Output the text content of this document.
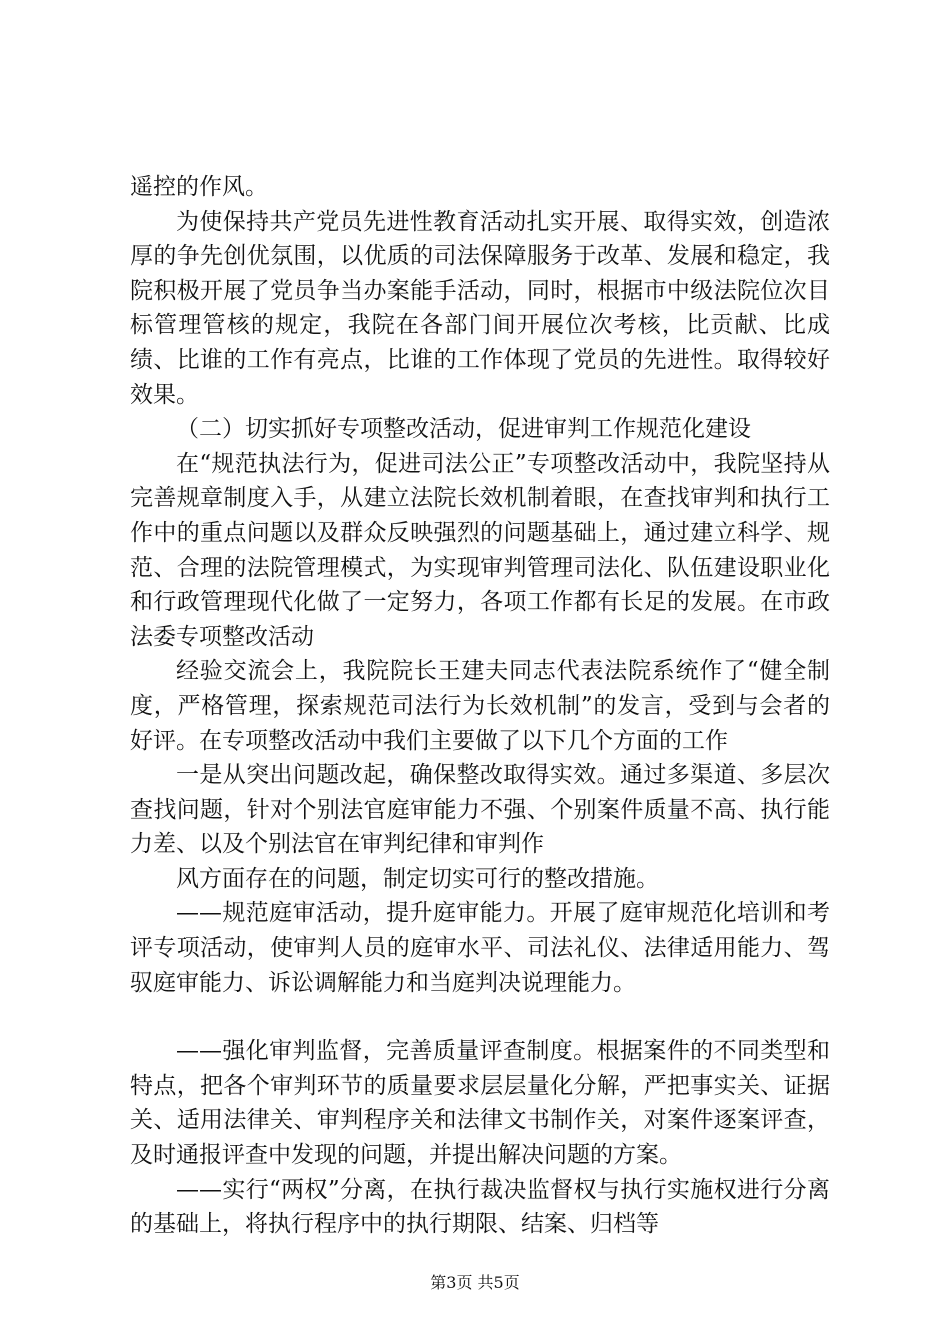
遥控的作风。

为使保持共产党员先进性教育活动扎实开展、取得实效，创造浓厚的争先创优氛围，以优质的司法保障服务于改革、发展和稳定，我院积极开展了党员争当办案能手活动，同时，根据市中级法院位次目标管理管核的规定，我院在各部门间开展位次考核，比贡献、比成绩、比谁的工作有亮点，比谁的工作体现了党员的先进性。取得较好效果。

（二）切实抓好专项整改活动，促进审判工作规范化建设

在“规范执法行为，促进司法公正”专项整改活动中，我院坚持从完善规章制度入手，从建立法院长效机制着眼，在查找审判和执行工作中的重点问题以及群众反映强烈的问题基础上，通过建立科学、规范、合理的法院管理模式，为实现审判管理司法化、队伍建设职业化和行政管理现代化做了一定努力，各项工作都有长足的发展。在市政法委专项整改活动

经验交流会上，我院院长王建夫同志代表法院系统作了“健全制度，严格管理，探索规范司法行为长效机制”的发言，受到与会者的好评。在专项整改活动中我们主要做了以下几个方面的工作

一是从突出问题改起，确保整改取得实效。通过多渠道、多层次查找问题，针对个别法官庭审能力不强、个别案件质量不高、执行能力差、以及个别法官在审判纪律和审判作

风方面存在的问题，制定切实可行的整改措施。

——规范庭审活动，提升庭审能力。开展了庭审规范化培训和考评专项活动，使审判人员的庭审水平、司法礼仪、法律适用能力、驾驭庭审能力、诉讼调解能力和当庭判决说理能力。

——强化审判监督，完善质量评查制度。根据案件的不同类型和特点，把各个审判环节的质量要求层层量化分解，严把事实关、证据关、适用法律关、审判程序关和法律文书制作关，对案件逐案评查，及时通报评查中发现的问题，并提出解决问题的方案。

——实行“两权”分离，在执行裁决监督权与执行实施权进行分离的基础上，将执行程序中的执行期限、结案、归档等

第3页 共5页
